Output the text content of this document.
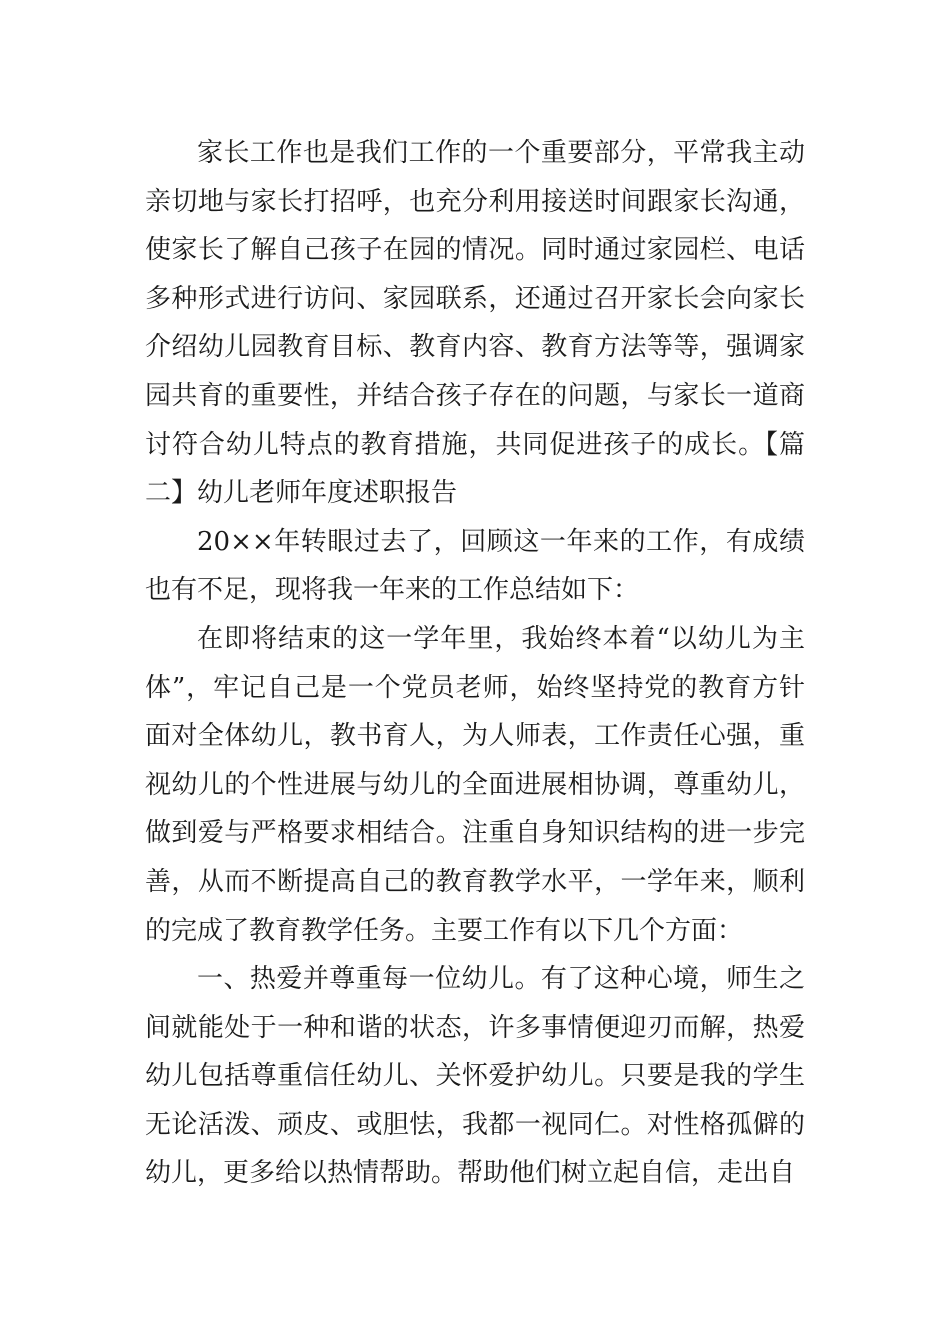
家长工作也是我们工作的一个重要部分，平常我主动亲切地与家长打招呼，也充分利用接送时间跟家长沟通，使家长了解自己孩子在园的情况。同时通过家园栏、电话多种形式进行访问、家园联系，还通过召开家长会向家长介绍幼儿园教育目标、教育内容、教育方法等等，强调家园共育的重要性，并结合孩子存在的问题，与家长一道商讨符合幼儿特点的教育措施，共同促进孩子的成长。【篇二】幼儿老师年度述职报告

20××年转眼过去了，回顾这一年来的工作，有成绩也有不足，现将我一年来的工作总结如下：

在即将结束的这一学年里，我始终本着“以幼儿为主体”，牢记自己是一个党员老师，始终坚持党的教育方针面对全体幼儿，教书育人，为人师表，工作责任心强，重视幼儿的个性进展与幼儿的全面进展相协调，尊重幼儿，做到爱与严格要求相结合。注重自身知识结构的进一步完善，从而不断提高自己的教育教学水平，一学年来，顺利的完成了教育教学任务。主要工作有以下几个方面：

一、热爱并尊重每一位幼儿。有了这种心境，师生之间就能处于一种和谐的状态，许多事情便迎刃而解，热爱幼儿包括尊重信任幼儿、关怀爱护幼儿。只要是我的学生无论活泼、顽皮、或胆怯，我都一视同仁。对性格孤僻的幼儿，更多给以热情帮助。帮助他们树立起自信，走出自
